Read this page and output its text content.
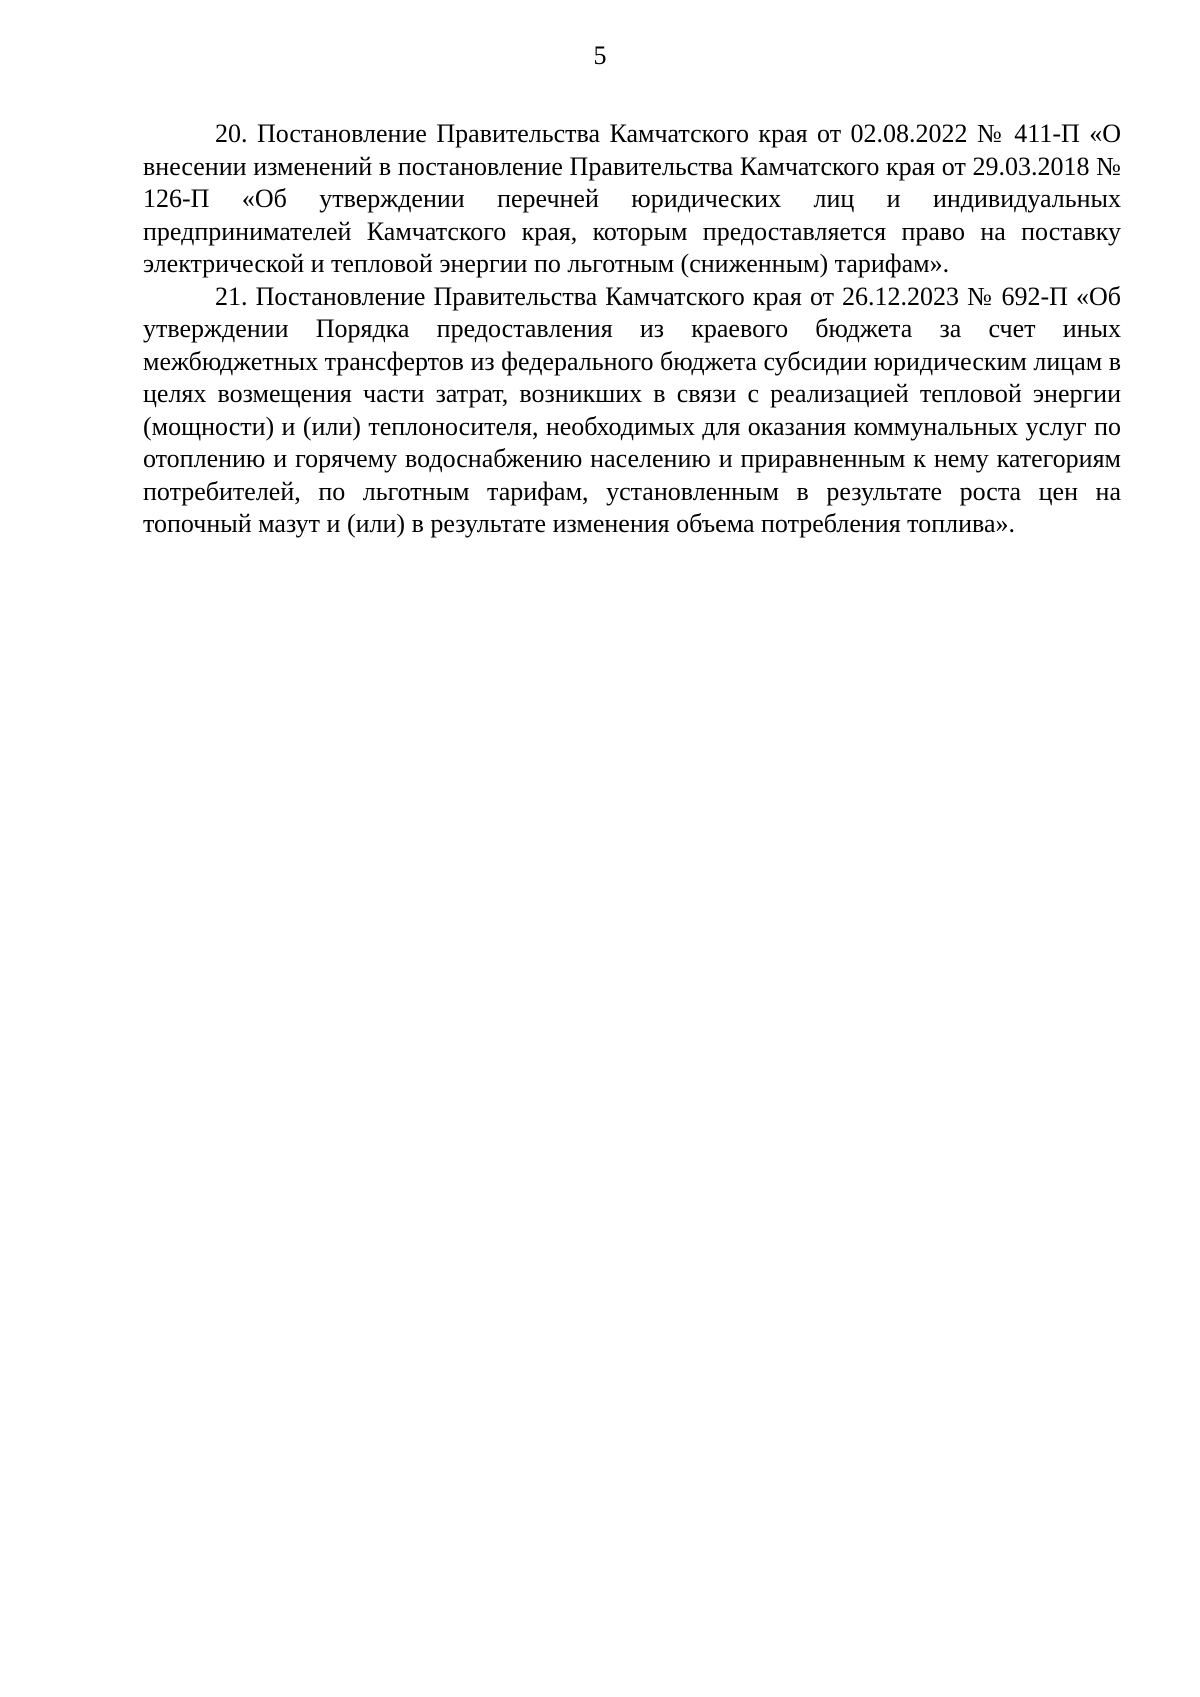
5

20. Постановление Правительства Камчатского края от 02.08.2022 № 411-П «О внесении изменений в постановление Правительства Камчатского края от 29.03.2018 № 126-П «Об утверждении перечней юридических лиц и индивидуальных предпринимателей Камчатского края, которым предоставляется право на поставку электрической и тепловой энергии по льготным (сниженным) тарифам».

21. Постановление Правительства Камчатского края от 26.12.2023 № 692-П «Об утверждении Порядка предоставления из краевого бюджета за счет иных межбюджетных трансфертов из федерального бюджета субсидии юридическим лицам в целях возмещения части затрат, возникших в связи с реализацией тепловой энергии (мощности) и (или) теплоносителя, необходимых для оказания коммунальных услуг по отоплению и горячему водоснабжению населению и приравненным к нему категориям потребителей, по льготным тарифам, установленным в результате роста цен на топочный мазут и (или) в результате изменения объема потребления топлива».
